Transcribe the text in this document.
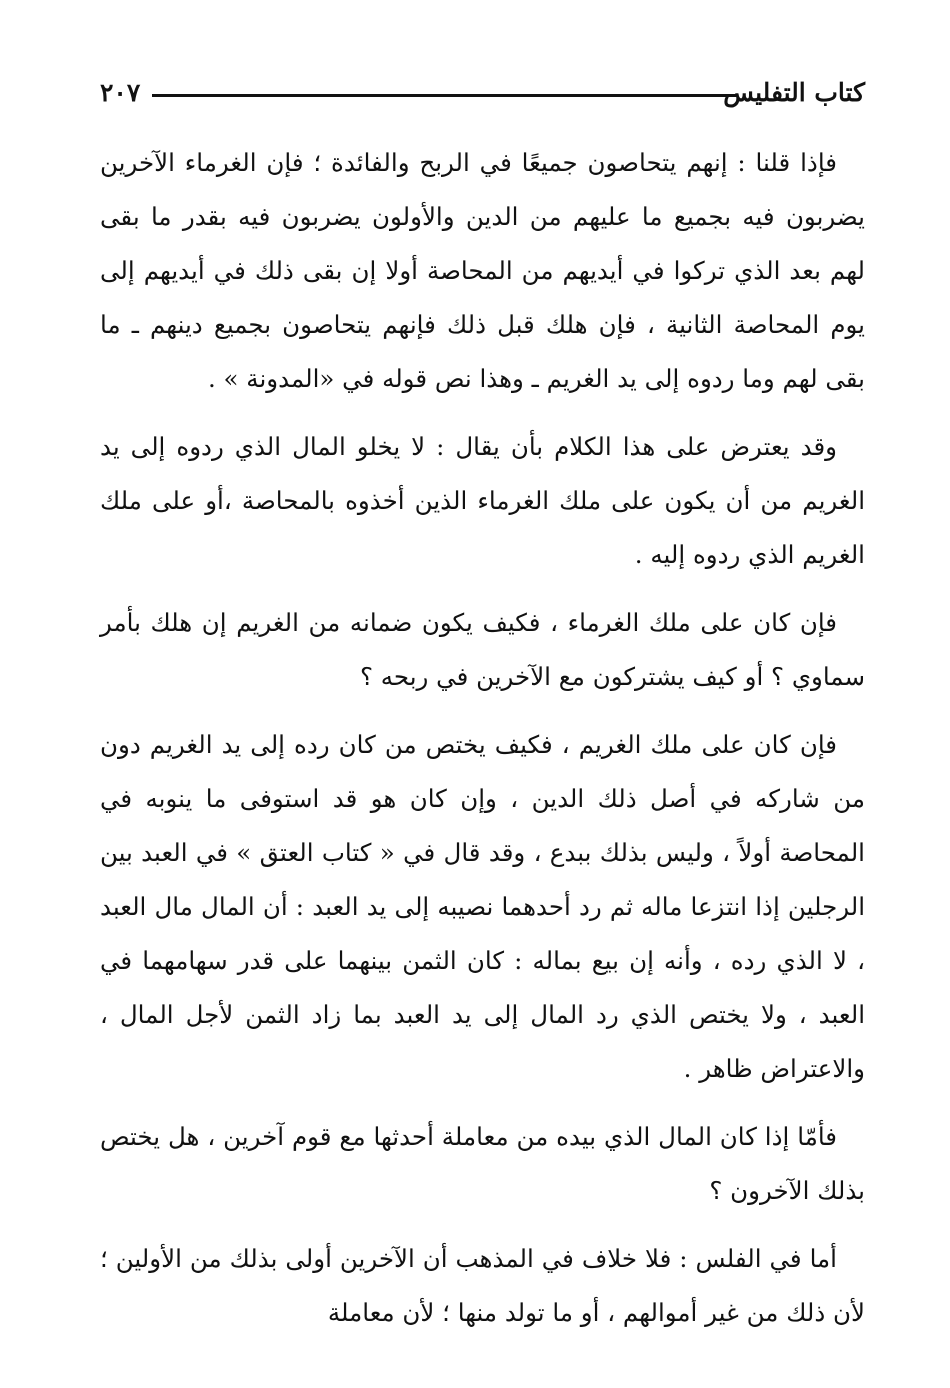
كتاب التفليس
٢٠٧

فإذا قلنا : إنهم يتحاصون جميعًا في الربح والفائدة ؛ فإن الغرماء الآخرين يضربون فيه بجميع ما عليهم من الدين والأولون يضربون فيه بقدر ما بقى لهم بعد الذي تركوا في أيديهم من المحاصة أولا إن بقى ذلك في أيديهم إلى يوم المحاصة الثانية ، فإن هلك قبل ذلك فإنهم يتحاصون بجميع دينهم ـ ما بقى لهم وما ردوه إلى يد الغريم ـ وهذا نص قوله في «المدونة » .

وقد يعترض على هذا الكلام بأن يقال : لا يخلو المال الذي ردوه إلى يد الغريم من أن يكون على ملك الغرماء الذين أخذوه بالمحاصة ،أو على ملك الغريم الذي ردوه إليه .

فإن كان على ملك الغرماء ، فكيف يكون ضمانه من الغريم إن هلك بأمر سماوي ؟ أو كيف يشتركون مع الآخرين في ربحه ؟

فإن كان على ملك الغريم ، فكيف يختص من كان رده إلى يد الغريم دون من شاركه في أصل ذلك الدين ، وإن كان هو قد استوفى ما ينوبه في المحاصة أولاً ، وليس بذلك ببدع ، وقد قال في « كتاب العتق » في العبد بين الرجلين إذا انتزعا ماله ثم رد أحدهما نصيبه إلى يد العبد : أن المال مال العبد ، لا الذي رده ، وأنه إن بيع بماله : كان الثمن بينهما على قدر سهامهما في العبد ، ولا يختص الذي رد المال إلى يد العبد بما زاد الثمن لأجل المال ، والاعتراض ظاهر .

فأمّا إذا كان المال الذي بيده من معاملة أحدثها مع قوم آخرين ، هل يختص بذلك الآخرون ؟

أما في الفلس : فلا خلاف في المذهب أن الآخرين أولى بذلك من الأولين ؛ لأن ذلك من غير أموالهم ، أو ما تولد منها ؛ لأن معاملة
